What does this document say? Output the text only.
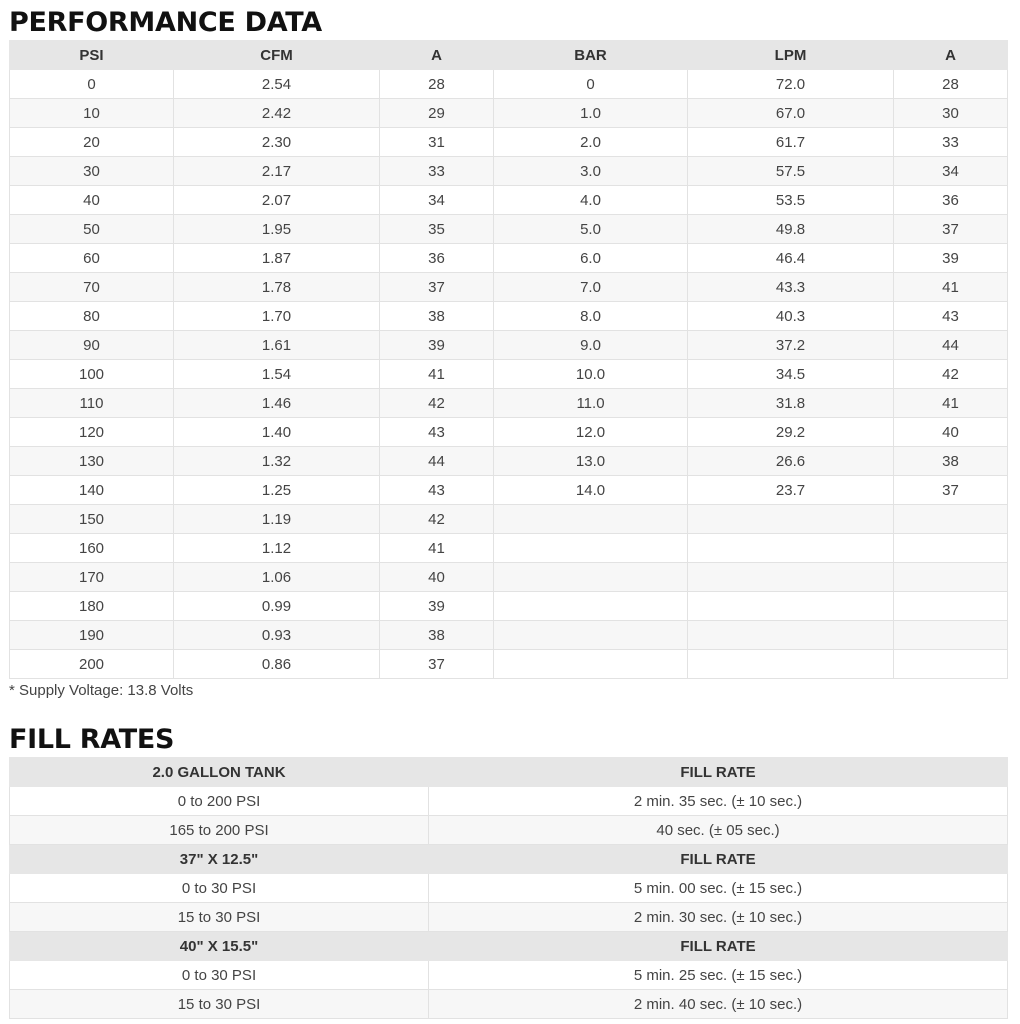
PERFORMANCE DATA
PSI	CFM	A	BAR	LPM	A
0	2.54	28	0	72.0	28
10	2.42	29	1.0	67.0	30
20	2.30	31	2.0	61.7	33
30	2.17	33	3.0	57.5	34
40	2.07	34	4.0	53.5	36
50	1.95	35	5.0	49.8	37
60	1.87	36	6.0	46.4	39
70	1.78	37	7.0	43.3	41
80	1.70	38	8.0	40.3	43
90	1.61	39	9.0	37.2	44
100	1.54	41	10.0	34.5	42
110	1.46	42	11.0	31.8	41
120	1.40	43	12.0	29.2	40
130	1.32	44	13.0	26.6	38
140	1.25	43	14.0	23.7	37
150	1.19	42			
160	1.12	41			
170	1.06	40			
180	0.99	39			
190	0.93	38			
200	0.86	37			
* Supply Voltage: 13.8 Volts
FILL RATES
2.0 GALLON TANK	FILL RATE
0 to 200 PSI	2 min. 35 sec. (± 10 sec.)
165 to 200 PSI	40 sec. (± 05 sec.)
37" X 12.5"	FILL RATE
0 to 30 PSI	5 min. 00 sec. (± 15 sec.)
15 to 30 PSI	2 min. 30 sec. (± 10 sec.)
40" X 15.5"	FILL RATE
0 to 30 PSI	5 min. 25 sec. (± 15 sec.)
15 to 30 PSI	2 min. 40 sec. (± 10 sec.)
